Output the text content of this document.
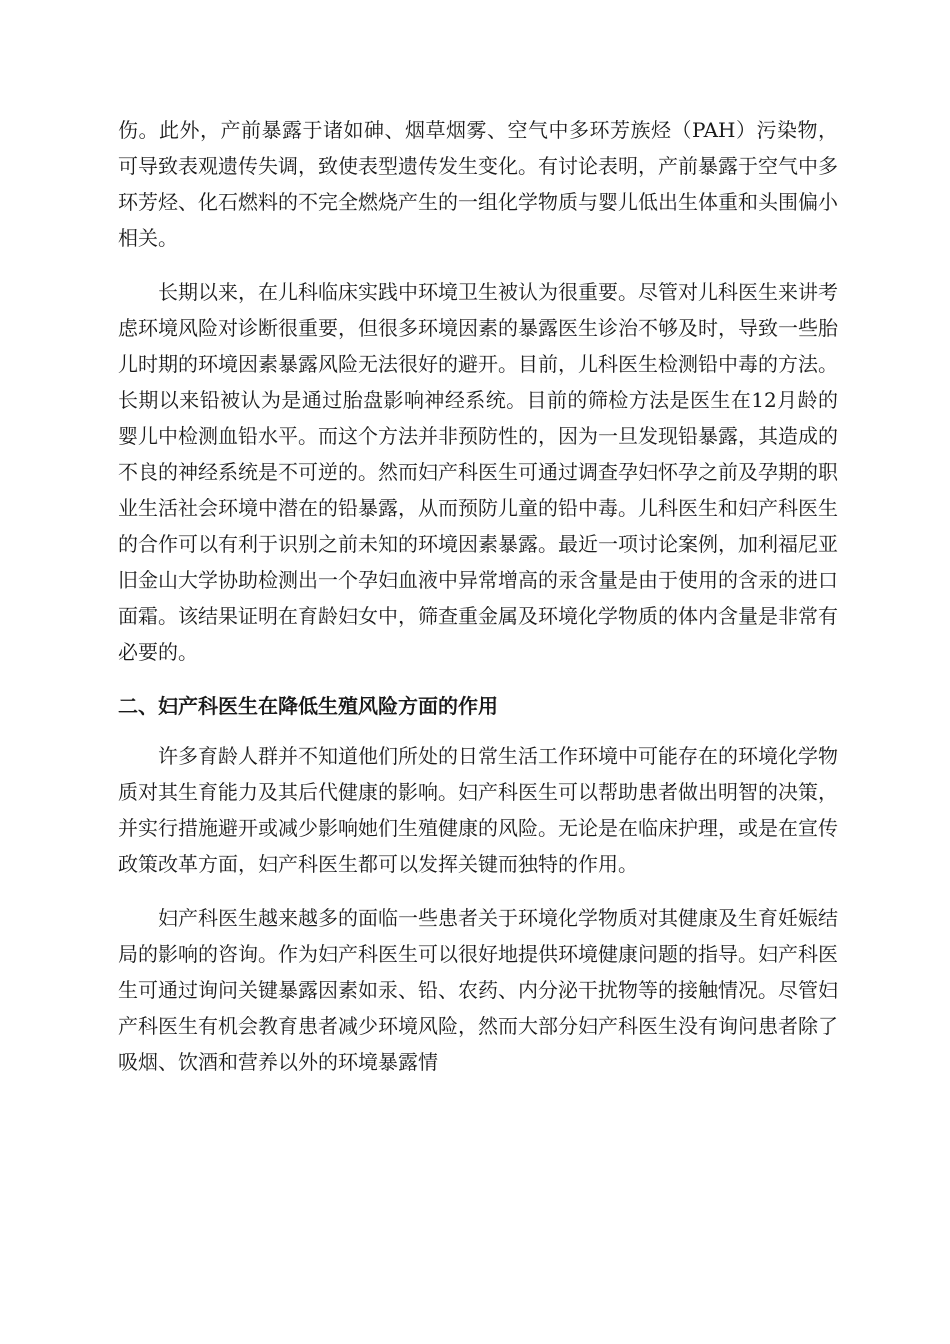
伤。此外，产前暴露于诸如砷、烟草烟雾、空气中多环芳族烃（PAH）污染物，可导致表观遗传失调，致使表型遗传发生变化。有讨论表明，产前暴露于空气中多环芳烃、化石燃料的不完全燃烧产生的一组化学物质与婴儿低出生体重和头围偏小相关。

长期以来，在儿科临床实践中环境卫生被认为很重要。尽管对儿科医生来讲考虑环境风险对诊断很重要，但很多环境因素的暴露医生诊治不够及时，导致一些胎儿时期的环境因素暴露风险无法很好的避开。目前，儿科医生检测铅中毒的方法。长期以来铅被认为是通过胎盘影响神经系统。目前的筛检方法是医生在12月龄的婴儿中检测血铅水平。而这个方法并非预防性的，因为一旦发现铅暴露，其造成的不良的神经系统是不可逆的。然而妇产科医生可通过调查孕妇怀孕之前及孕期的职业生活社会环境中潜在的铅暴露，从而预防儿童的铅中毒。儿科医生和妇产科医生的合作可以有利于识别之前未知的环境因素暴露。最近一项讨论案例，加利福尼亚旧金山大学协助检测出一个孕妇血液中异常增高的汞含量是由于使用的含汞的进口面霜。该结果证明在育龄妇女中，筛查重金属及环境化学物质的体内含量是非常有必要的。

二、妇产科医生在降低生殖风险方面的作用

许多育龄人群并不知道他们所处的日常生活工作环境中可能存在的环境化学物质对其生育能力及其后代健康的影响。妇产科医生可以帮助患者做出明智的决策，并实行措施避开或减少影响她们生殖健康的风险。无论是在临床护理，或是在宣传政策改革方面，妇产科医生都可以发挥关键而独特的作用。

妇产科医生越来越多的面临一些患者关于环境化学物质对其健康及生育妊娠结局的影响的咨询。作为妇产科医生可以很好地提供环境健康问题的指导。妇产科医生可通过询问关键暴露因素如汞、铅、农药、内分泌干扰物等的接触情况。尽管妇产科医生有机会教育患者减少环境风险，然而大部分妇产科医生没有询问患者除了吸烟、饮酒和营养以外的环境暴露情
